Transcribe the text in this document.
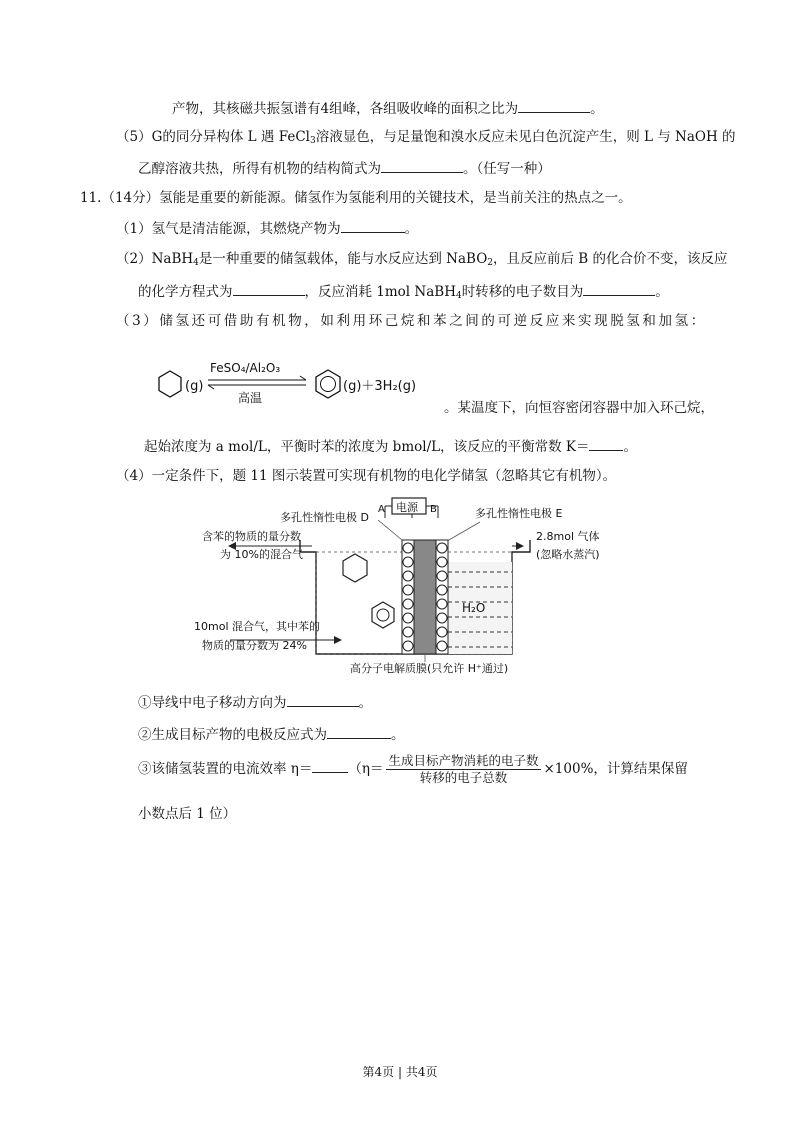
产物，其核磁共振氢谱有4组峰，各组吸收峰的面积之比为	。
（5）G的同分异构体 L 遇 FeCl$_3$溶液显色，与足量饱和溴水反应未见白色沉淀产生，则 L 与 NaOH 的
乙醇溶液共热，所得有机物的结构简式为	。（任写一种）
11.（14分）氢能是重要的新能源。储氢作为氢能利用的关键技术，是当前关注的热点之一。
（1）氢气是清洁能源，其燃烧产物为	。
（2）NaBH$_4$是一种重要的储氢载体，能与水反应达到 NaBO$_2$，且反应前后 B 的化合价不变，该反应
的化学方程式为	，反应消耗 1mol NaBH$_4$时转移的电子数目为	。
（3）储氢还可借助有机物，如利用环己烷和苯之间的可逆反应来实现脱氢和加氢：
(g)
FeSO₄/Al₂O₃
高温
(g)＋3H₂(g)
。某温度下，向恒容密闭容器中加入环己烷，
起始浓度为 a mol/L，平衡时苯的浓度为 bmol/L，该反应的平衡常数 K＝	。
（4）一定条件下，题 11 图示装置可实现有机物的电化学储氢（忽略其它有机物）。
电源
A	B
多孔性惰性电极 D	多孔性惰性电极 E
H₂O
含苯的物质的量分数
为 10%的混合气
2.8mol 气体
(忽略水蒸汽)
10mol 混合气，其中苯的
物质的量分数为 24%
高分子电解质膜(只允许 H⁺通过)
①导线中电子移动方向为	。
②生成目标产物的电极反应式为	。
③该储氢装置的电流效率 η＝	（$\eta= \frac{\text{生成目标产物消耗的电子数}}{\text{转移的电子总数}} \times 100\%$，计算结果保留
小数点后 1 位）
第4页 | 共4页
